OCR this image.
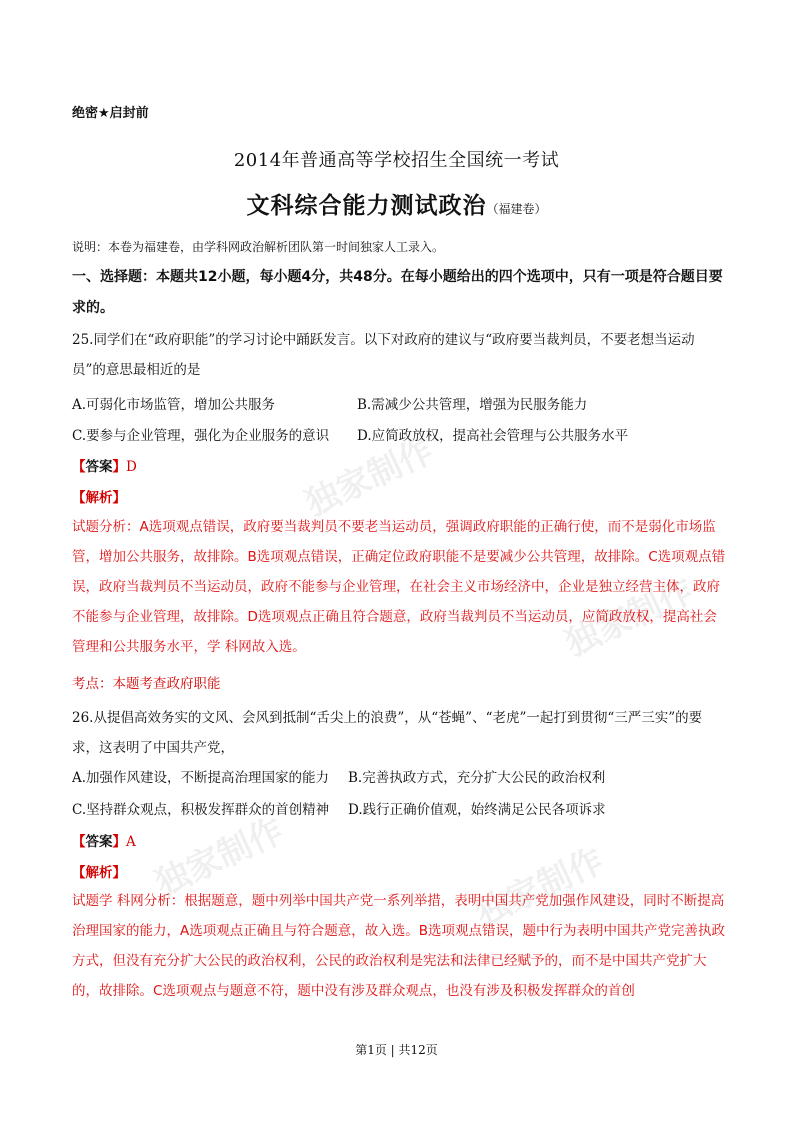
独家制作
独家制作
独家制作	独家制作
绝密★启封前
2014年普通高等学校招生全国统一考试
文科综合能力测试政治（福建卷）
说明：本卷为福建卷，由学科网政治解析团队第一时间独家人工录入。
一、选择题：本题共12小题，每小题4分，共48分。在每小题给出的四个选项中，只有一项是符合题目要求的。
25.同学们在“政府职能”的学习讨论中踊跃发言。以下对政府的建议与“政府要当裁判员，不要老想当运动员”的意思最相近的是
A.可弱化市场监管，增加公共服务	B.需减少公共管理，增强为民服务能力
C.要参与企业管理，强化为企业服务的意识 D.应简政放权，提高社会管理与公共服务水平
【答案】D
【解析】
试题分析：A选项观点错误，政府要当裁判员不要老当运动员，强调政府职能的正确行使，而不是弱化市场监管，增加公共服务，故排除。B选项观点错误，正确定位政府职能不是要减少公共管理，故排除。C选项观点错误，政府当裁判员不当运动员，政府不能参与企业管理，在社会主义市场经济中，企业是独立经营主体，政府不能参与企业管理，故排除。D选项观点正确且符合题意，政府当裁判员不当运动员，应简政放权，提高社会管理和公共服务水平，学 科网故入选。
考点：本题考查政府职能
26.从提倡高效务实的文风、会风到抵制“舌尖上的浪费”，从“苍蝇”、“老虎”一起打到贯彻“三严三实”的要求，这表明了中国共产党，
A.加强作风建设，不断提高治理国家的能力 B.完善执政方式，充分扩大公民的政治权利
C.坚持群众观点，积极发挥群众的首创精神 D.践行正确价值观，始终满足公民各项诉求
【答案】A
【解析】
试题学 科网分析：根据题意，题中列举中国共产党一系列举措，表明中国共产党加强作风建设，同时不断提高治理国家的能力，A选项观点正确且与符合题意，故入选。B选项观点错误，题中行为表明中国共产党完善执政方式，但没有充分扩大公民的政治权利，公民的政治权利是宪法和法律已经赋予的，而不是中国共产党扩大的，故排除。C选项观点与题意不符，题中没有涉及群众观点，也没有涉及积极发挥群众的首创
第1页 | 共12页
